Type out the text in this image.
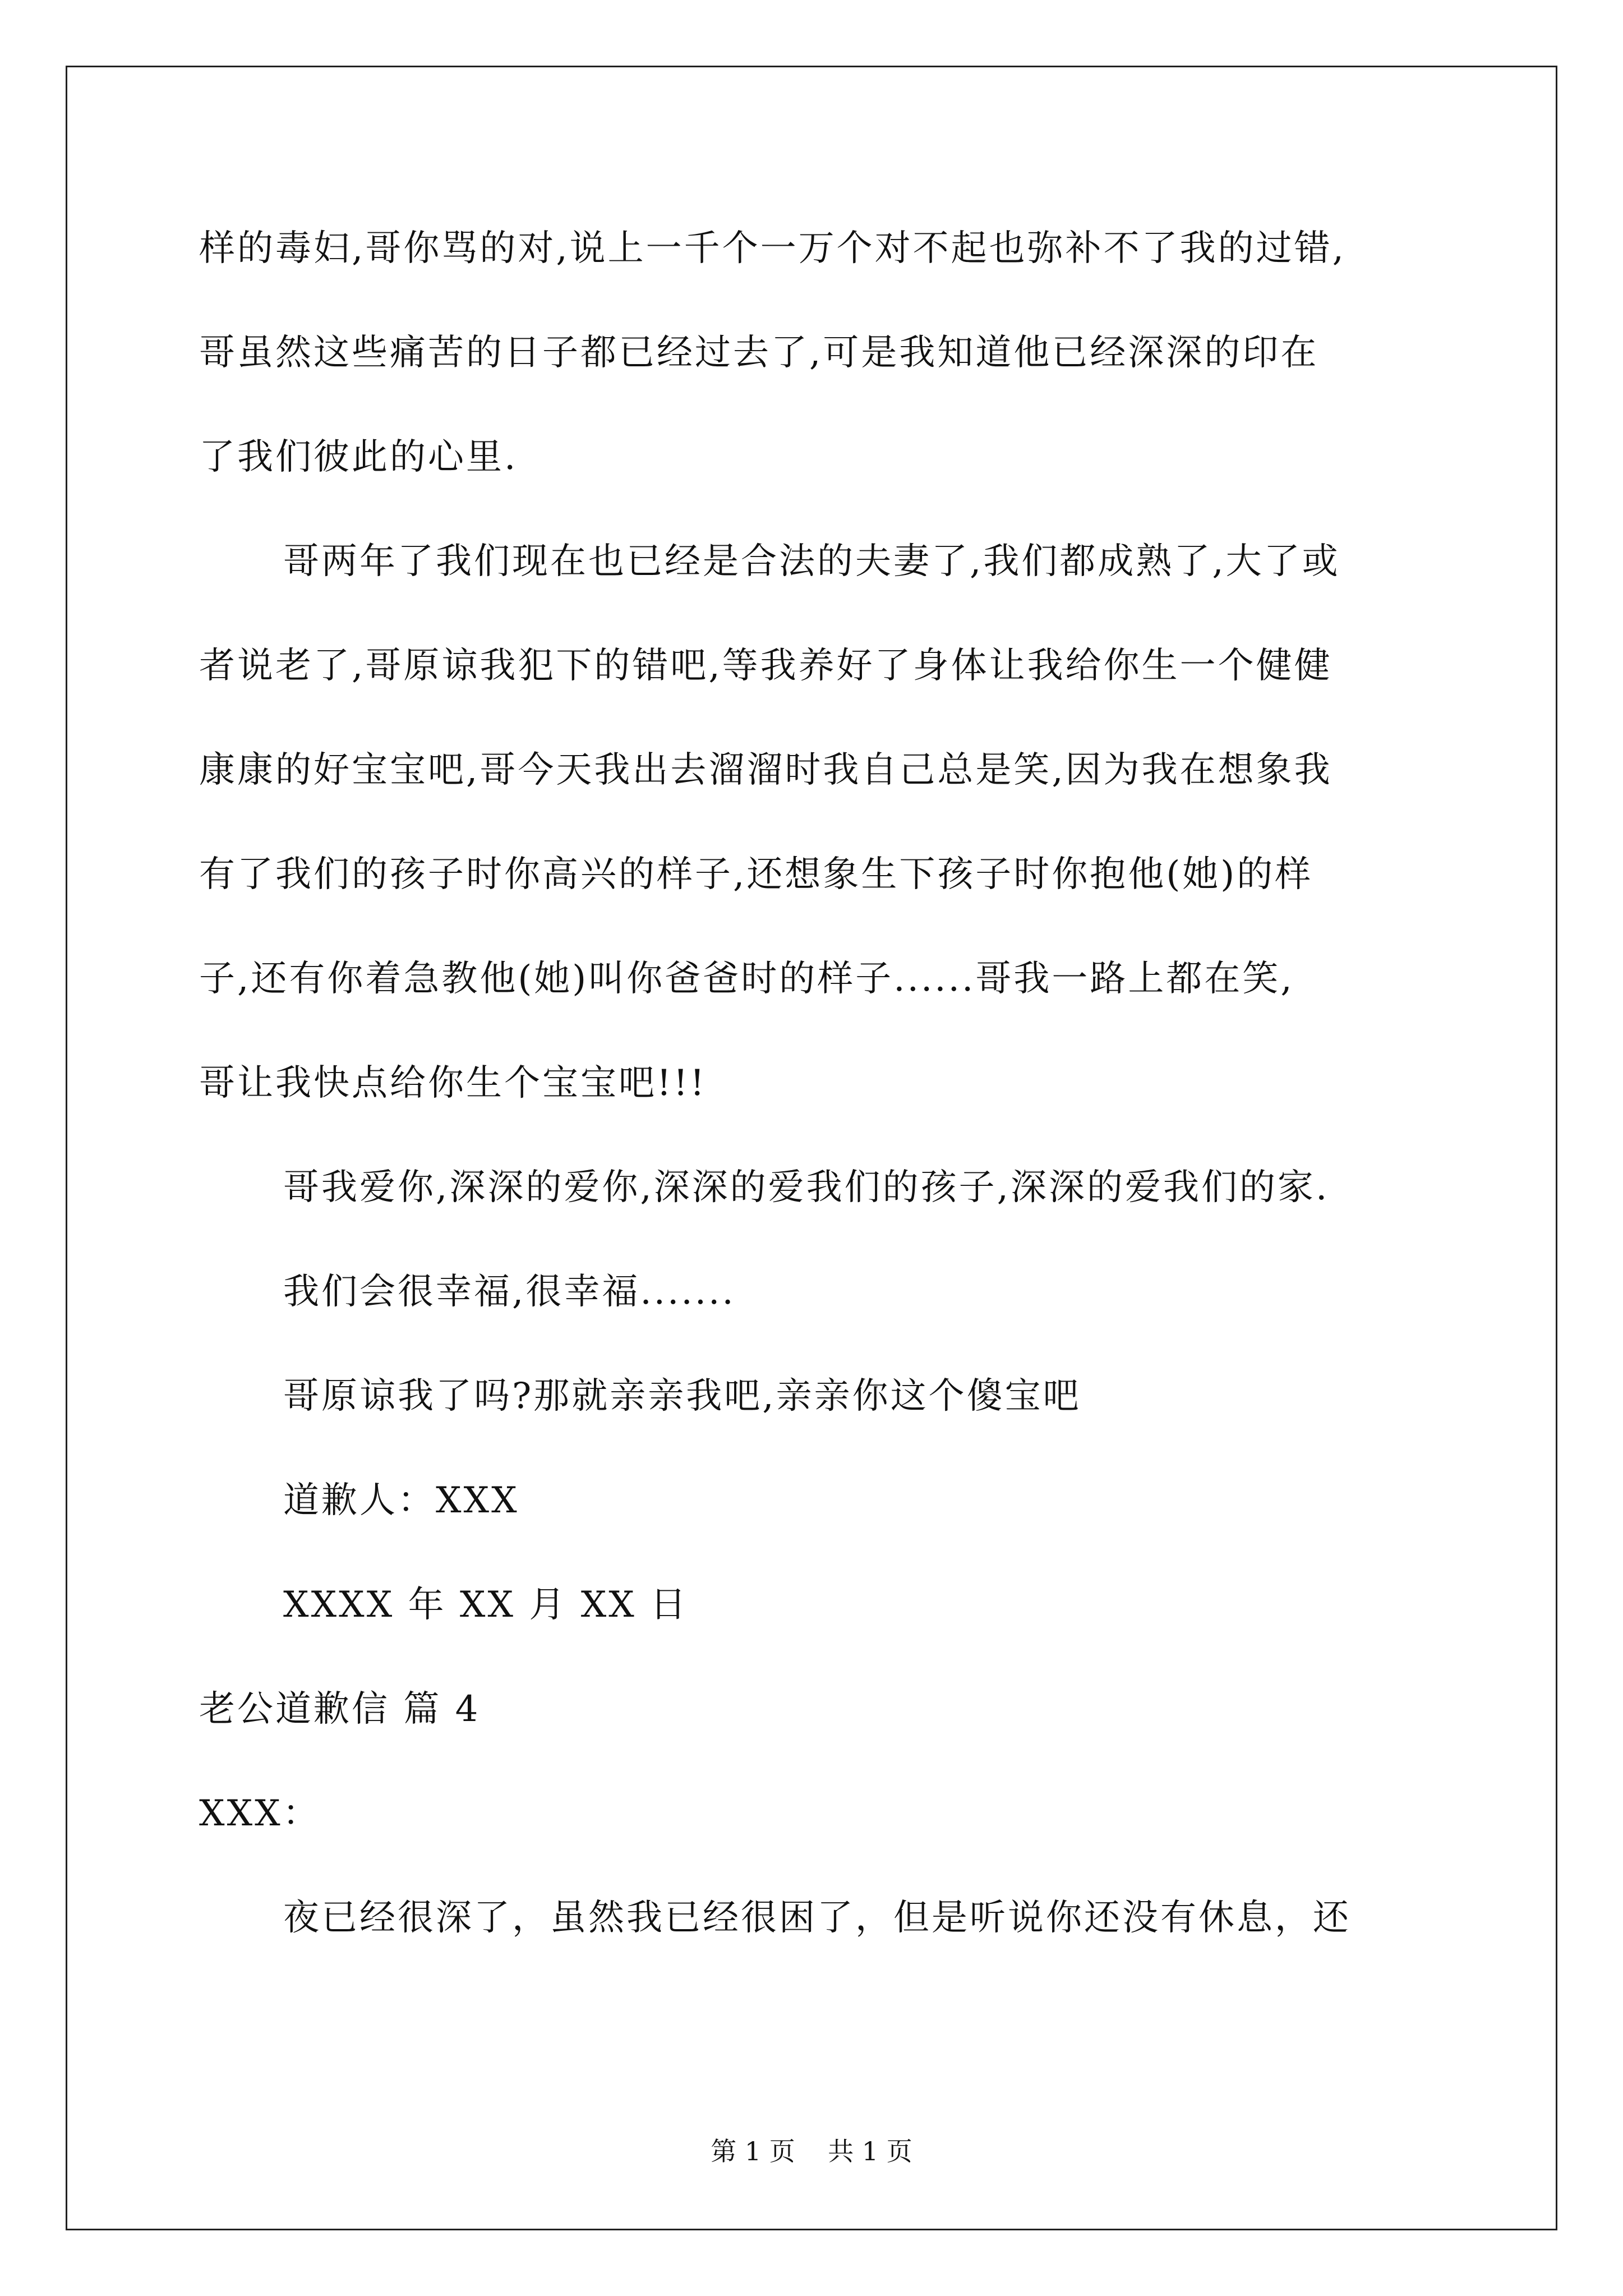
样的毒妇,哥你骂的对,说上一千个一万个对不起也弥补不了我的过错,
哥虽然这些痛苦的日子都已经过去了,可是我知道他已经深深的印在
了我们彼此的心里.
哥两年了我们现在也已经是合法的夫妻了,我们都成熟了,大了或
者说老了,哥原谅我犯下的错吧,等我养好了身体让我给你生一个健健
康康的好宝宝吧,哥今天我出去溜溜时我自己总是笑,因为我在想象我
有了我们的孩子时你高兴的样子,还想象生下孩子时你抱他(她)的样
子,还有你着急教他(她)叫你爸爸时的样子......哥我一路上都在笑,
哥让我快点给你生个宝宝吧!!!
哥我爱你,深深的爱你,深深的爱我们的孩子,深深的爱我们的家.
我们会很幸福,很幸福.......
哥原谅我了吗?那就亲亲我吧,亲亲你这个傻宝吧
道歉人：XXX
XXXX 年 XX 月 XX 日
老公道歉信 篇 4
XXX：
夜已经很深了，虽然我已经很困了，但是听说你还没有休息，还
第 1 页    共 1 页
